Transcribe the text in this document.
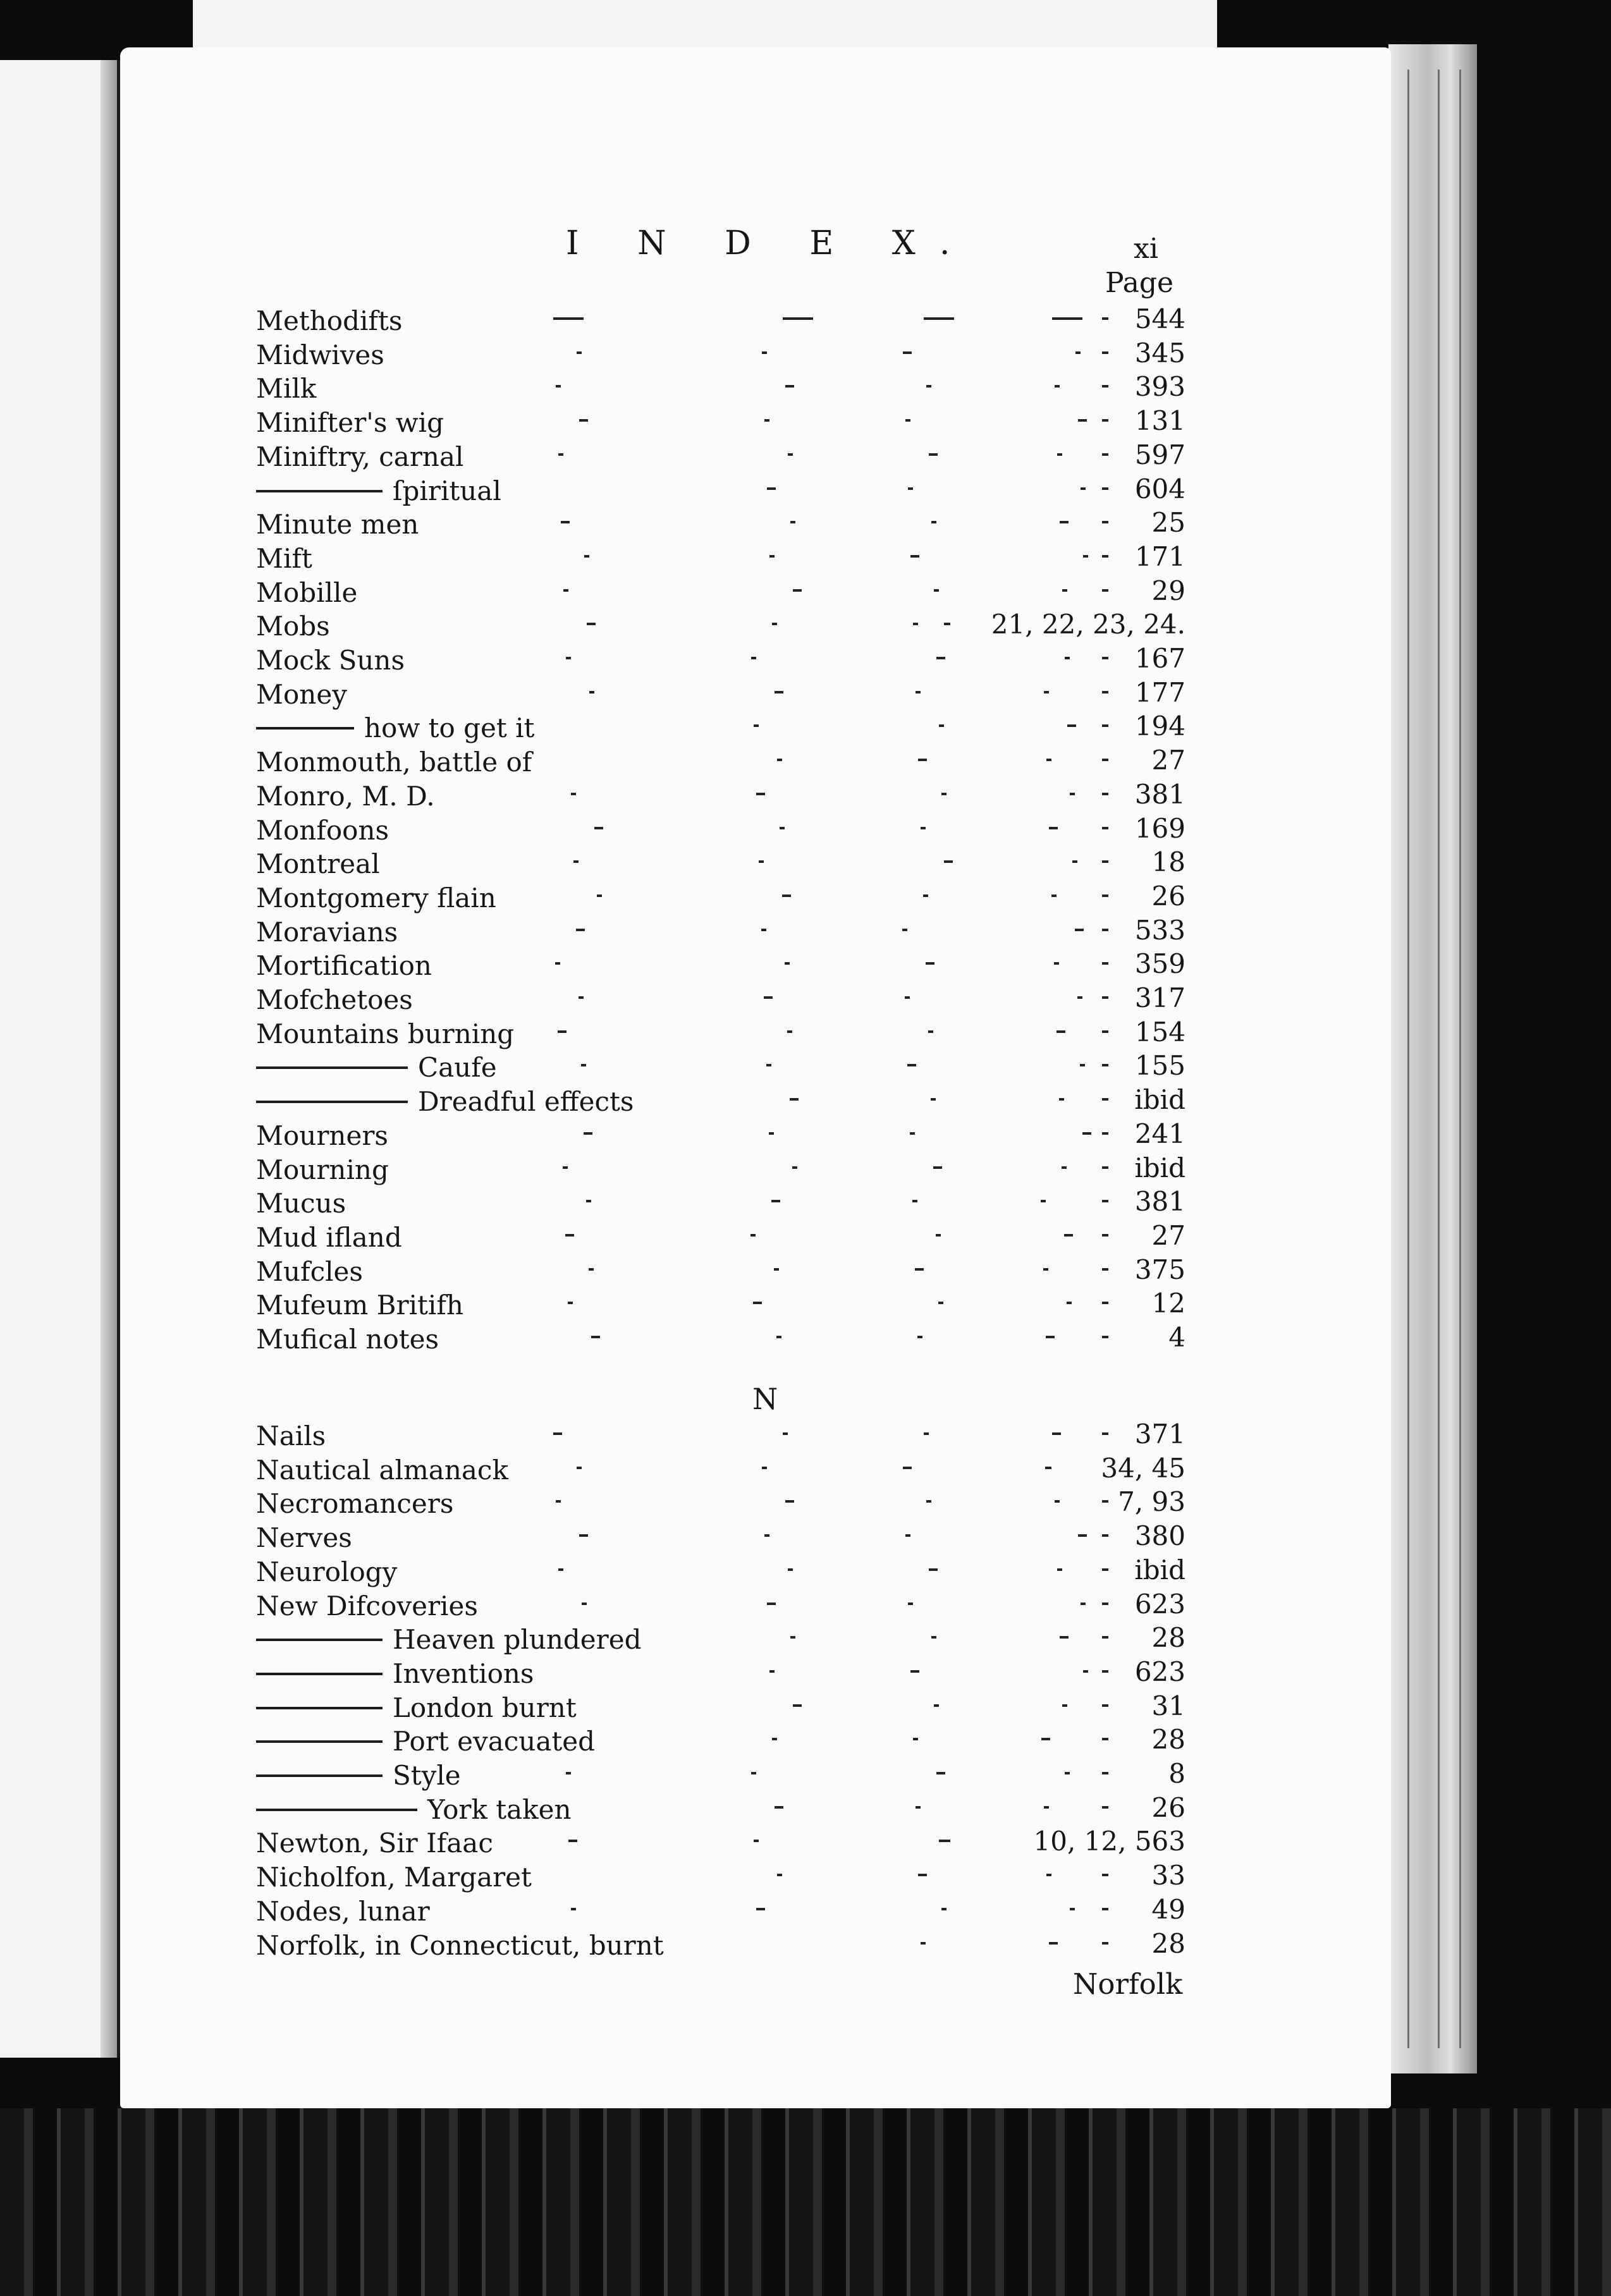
I N D E X.	xi
Page
N
Methodifts	544
Midwives	345
Milk	393
Minifter's wig	131
Miniftry, carnal	597
ſpiritual	604
Minute men	25
Mift	171
Mobille	29
Mobs	21, 22, 23, 24.
Mock Suns	167
Money	177
how to get it	194
Monmouth, battle of	27
Monro, M. D.	381
Monfoons	169
Montreal	18
Montgomery flain	26
Moravians	533
Mortification	359
Mofchetoes	317
Mountains burning	154
Caufe	155
Dreadful effects	ibid
Mourners	241
Mourning	ibid
Mucus	381
Mud ifland	27
Mufcles	375
Mufeum Britifh	12
Mufical notes	4
Nails	371
Nautical almanack	34, 45
Necromancers	7, 93
Nerves	380
Neurology	ibid
New Difcoveries	623
Heaven plundered	28
Inventions	623
London burnt	31
Port evacuated	28
Style	8
York taken	26
Newton, Sir Ifaac	10, 12, 563
Nicholfon, Margaret	33
Nodes, lunar	49
Norfolk, in Connecticut, burnt	28
Norfolk
